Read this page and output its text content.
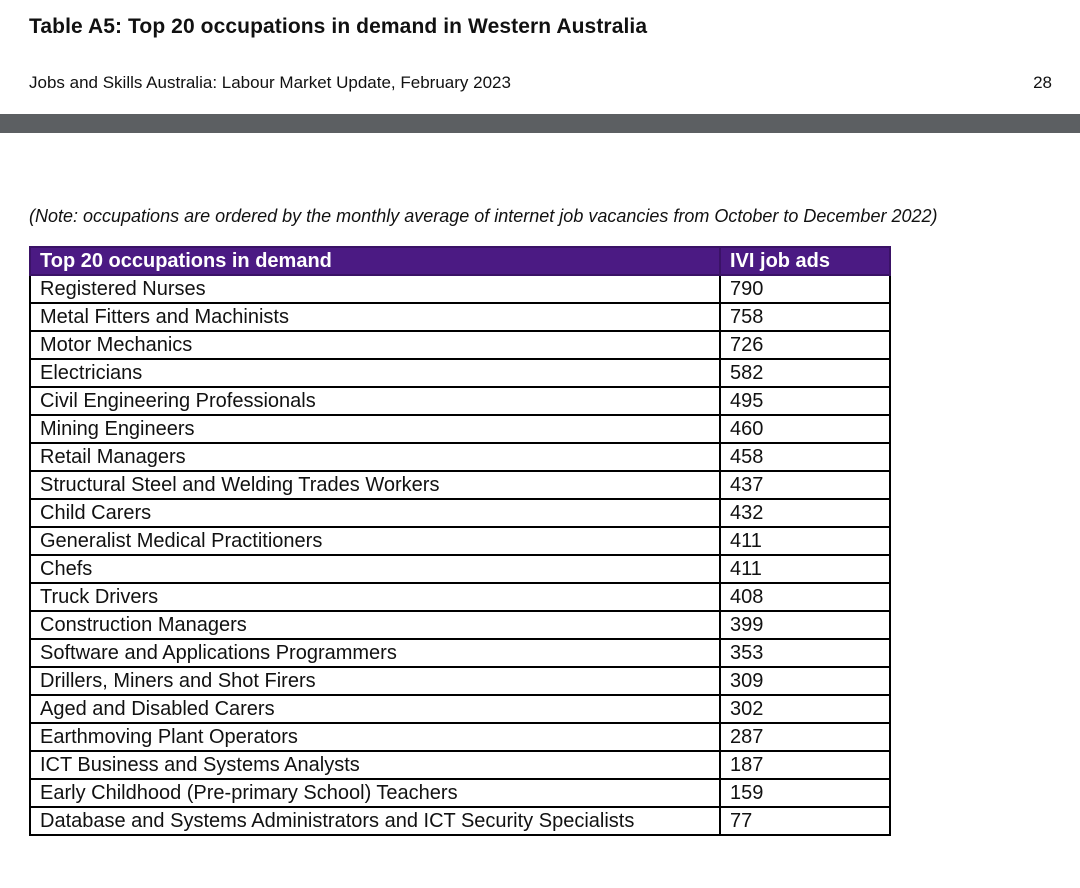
Table A5: Top 20 occupations in demand in Western Australia
Jobs and Skills Australia: Labour Market Update, February 2023	28
(Note: occupations are ordered by the monthly average of internet job vacancies from October to December 2022)
Top 20 occupations in demand	IVI job ads
Registered Nurses	790
Metal Fitters and Machinists	758
Motor Mechanics	726
Electricians	582
Civil Engineering Professionals	495
Mining Engineers	460
Retail Managers	458
Structural Steel and Welding Trades Workers	437
Child Carers	432
Generalist Medical Practitioners	411
Chefs	411
Truck Drivers	408
Construction Managers	399
Software and Applications Programmers	353
Drillers, Miners and Shot Firers	309
Aged and Disabled Carers	302
Earthmoving Plant Operators	287
ICT Business and Systems Analysts	187
Early Childhood (Pre-primary School) Teachers	159
Database and Systems Administrators and ICT Security Specialists	77
